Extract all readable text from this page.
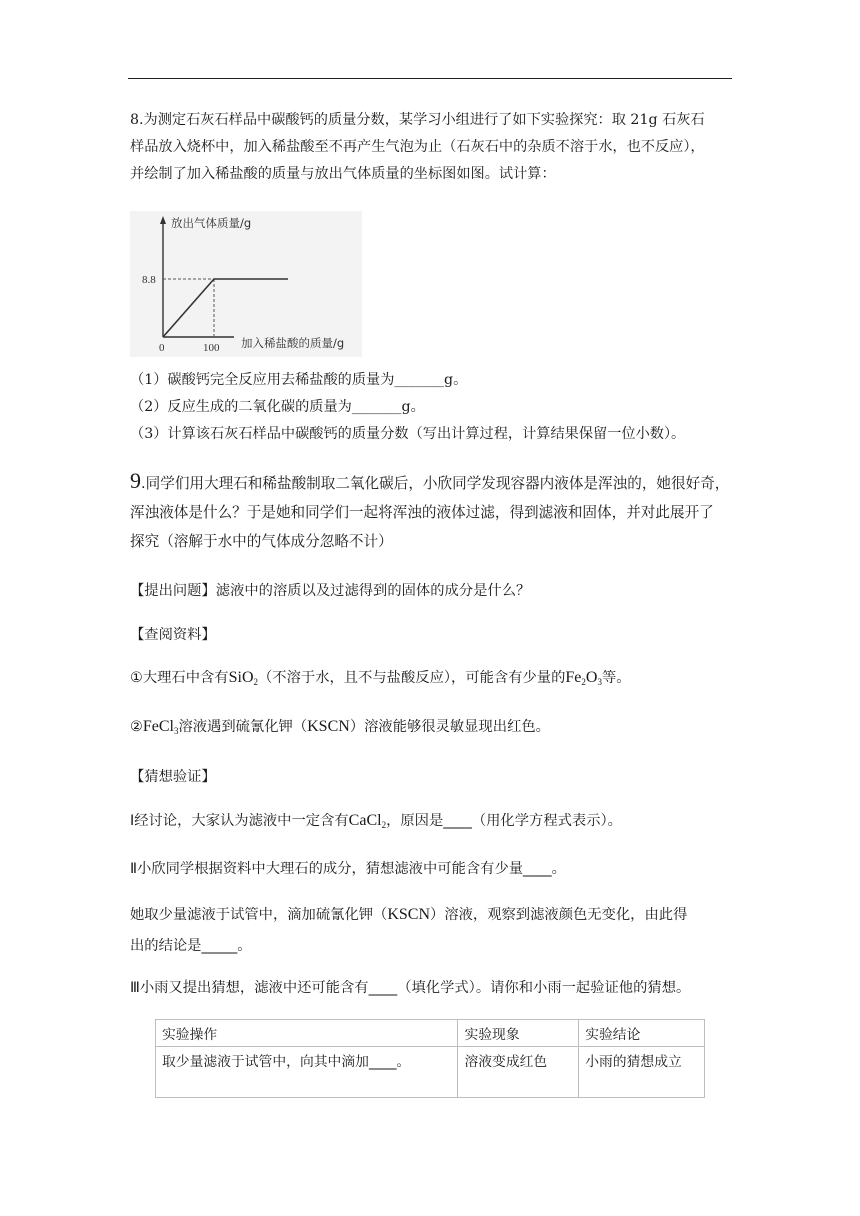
8.为测定石灰石样品中碳酸钙的质量分数，某学习小组进行了如下实验探究：取 21g 石灰石
样品放入烧杯中，加入稀盐酸至不再产生气泡为止（石灰石中的杂质不溶于水，也不反应），
并绘制了加入稀盐酸的质量与放出气体质量的坐标图如图。试计算：
放出气体质量/g
8.8
0	100 加入稀盐酸的质量/g
（1）碳酸钙完全反应用去稀盐酸的质量为_______g。
（2）反应生成的二氧化碳的质量为_______g。
（3）计算该石灰石样品中碳酸钙的质量分数（写出计算过程，计算结果保留一位小数）。
9.同学们用大理石和稀盐酸制取二氧化碳后，小欣同学发现容器内液体是浑浊的，她很好奇，
浑浊液体是什么？于是她和同学们一起将浑浊的液体过滤，得到滤液和固体，并对此展开了
探究（溶解于水中的气体成分忽略不计）
【提出问题】滤液中的溶质以及过滤得到的固体的成分是什么？
【查阅资料】
①大理石中含有SiO$_2$（不溶于水，且不与盐酸反应），可能含有少量的$Fe_2O_3$等。
②FeCl$_3$溶液遇到硫氰化钾（KSCN）溶液能够很灵敏显现出红色。
【猜想验证】
Ⅰ经讨论，大家认为滤液中一定含有CaCl$_2$，原因是____（用化学方程式表示）。
Ⅱ小欣同学根据资料中大理石的成分，猜想滤液中可能含有少量____。
她取少量滤液于试管中，滴加硫氰化钾（KSCN）溶液，观察到滤液颜色无变化，由此得
出的结论是_____。
Ⅲ小雨又提出猜想，滤液中还可能含有____（填化学式）。请你和小雨一起验证他的猜想。
实验操作	实验现象	实验结论
取少量滤液于试管中，向其中滴加____。	溶液变成红色	小雨的猜想成立
